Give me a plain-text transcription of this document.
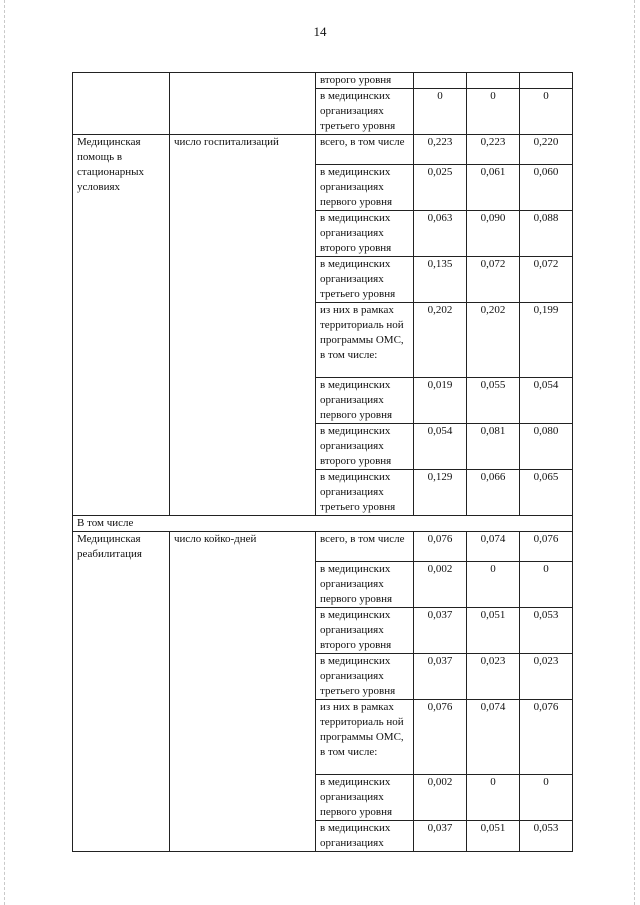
14
		второго уровня			
		в медицинских организациях третьего уровня	0	0	0
Медицинская помощь в стационарных условиях	число госпитализаций	всего, в том числе	0,223	0,223	0,220
		в медицинских организациях первого уровня	0,025	0,061	0,060
		в медицинских организациях второго уровня	0,063	0,090	0,088
		в медицинских организациях третьего уровня	0,135	0,072	0,072
		из них в рамках территориаль ной программы ОМС, в том числе:	0,202	0,202	0,199
		в медицинских организациях первого уровня	0,019	0,055	0,054
		в медицинских организациях второго уровня	0,054	0,081	0,080
		в медицинских организациях третьего уровня	0,129	0,066	0,065
В том числе					
Медицинская реабилитация	число койко-дней	всего, в том числе	0,076	0,074	0,076
		в медицинских организациях первого уровня	0,002	0	0
		в медицинских организациях второго уровня	0,037	0,051	0,053
		в медицинских организациях третьего уровня	0,037	0,023	0,023
		из них в рамках территориаль ной программы ОМС, в том числе:	0,076	0,074	0,076
		в медицинских организациях первого уровня	0,002	0	0
		в медицинских организациях	0,037	0,051	0,053
